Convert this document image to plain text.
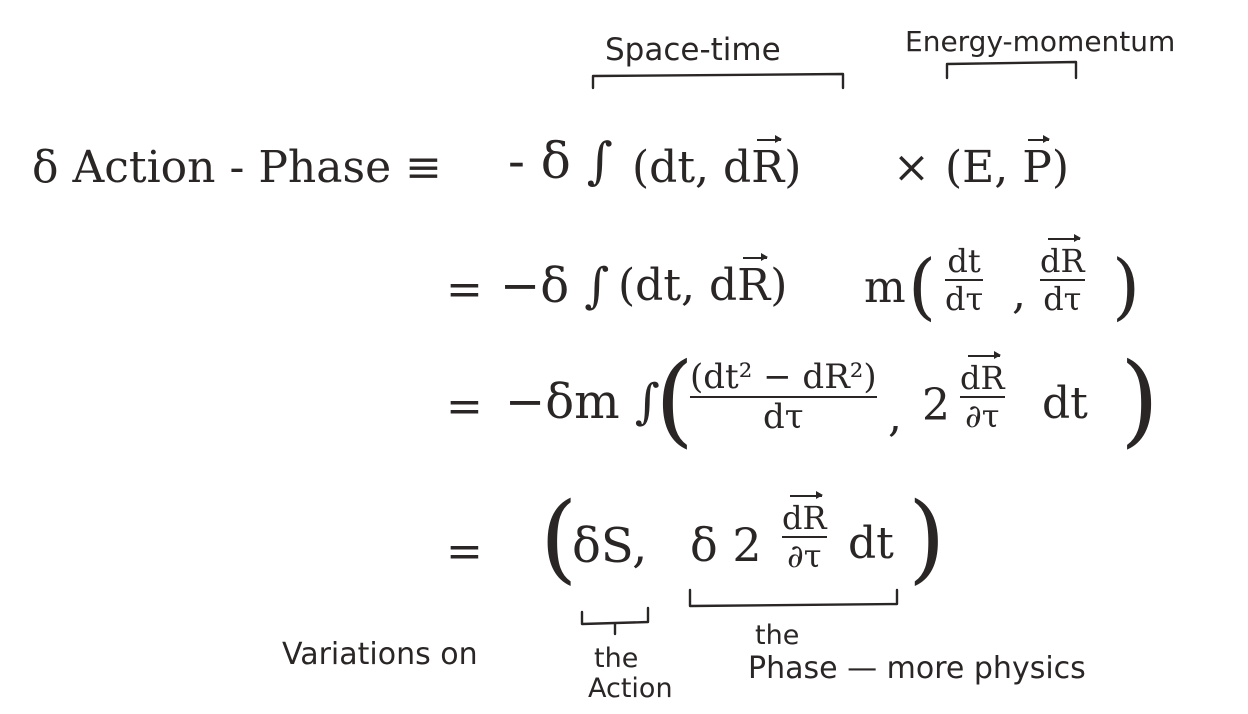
Space-time	Energy-momentum
δ Action - Phase ≡ - δ ∫ (dt, dR) × (E, P)
= −δ ∫ (dt, dR) m ( dt
dτ ,
dR
dτ )
= −δm ∫
(
(dt² − dR²)
dτ , 2
dR
∂τ dt )
= (
δS, δ 2 dR
∂τ dt )
Variations on	the
Action
the
Phase — more physics
